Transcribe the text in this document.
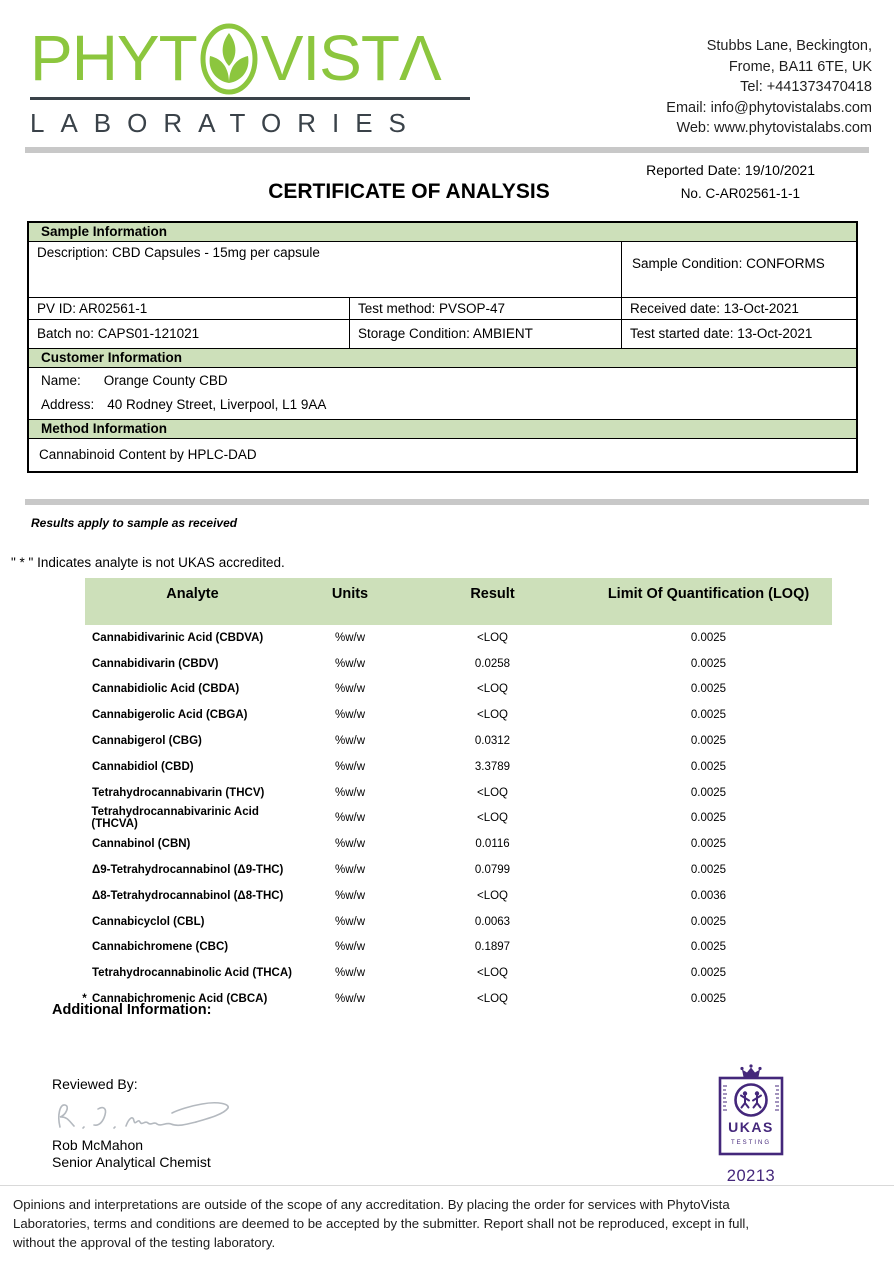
PHYT VIST Λ
LABORATORIES
Stubbs Lane, Beckington,
Frome, BA11 6TE, UK
Tel: +441373470418
Email: info@phytovistalabs.com
Web: www.phytovistalabs.com
Reported Date: 19/10/2021
CERTIFICATE OF ANALYSIS	No. C-AR02561-1-1
Sample Information
Description: CBD Capsules - 15mg per capsule
Sample Condition: CONFORMS
PV ID: AR02561-1	Test method: PVSOP-47	Received date: 13-Oct-2021
Batch no: CAPS01-121021	Storage Condition: AMBIENT	Test started date: 13-Oct-2021
Customer Information
Name: Orange County CBD
Address: 40 Rodney Street, Liverpool, L1 9AA
Method Information
Cannabinoid Content by HPLC-DAD
Results apply to sample as received
" * " Indicates analyte is not UKAS accredited.
Analyte	Units	Result	Limit Of Quantification (LOQ)
Cannabidivarinic Acid (CBDVA)	%w/w	<LOQ	0.0025
Cannabidivarin (CBDV)	%w/w	0.0258	0.0025
Cannabidiolic Acid (CBDA)	%w/w	<LOQ	0.0025
Cannabigerolic Acid (CBGA)	%w/w	<LOQ	0.0025
Cannabigerol (CBG)	%w/w	0.0312	0.0025
Cannabidiol (CBD)	%w/w	3.3789	0.0025
Tetrahydrocannabivarin (THCV)	%w/w	<LOQ	0.0025
Tetrahydrocannabivarinic Acid (THCVA)	%w/w	<LOQ	0.0025
Cannabinol (CBN)	%w/w	0.0116	0.0025
Δ9-Tetrahydrocannabinol (Δ9-THC)	%w/w	0.0799	0.0025
Δ8-Tetrahydrocannabinol (Δ8-THC)	%w/w	<LOQ	0.0036
Cannabicyclol (CBL)	%w/w	0.0063	0.0025
Cannabichromene (CBC)	%w/w	0.1897	0.0025
Tetrahydrocannabinolic Acid (THCA)	%w/w	<LOQ	0.0025
* Cannabichromenic Acid (CBCA)	%w/w	<LOQ	0.0025
Additional Information:
Reviewed By:
Rob McMahon
Senior Analytical Chemist
UKAS
TESTING
20213
Opinions and interpretations are outside of the scope of any accreditation. By placing the order for services with PhytoVista Laboratories, terms and conditions are deemed to be accepted by the submitter. Report shall not be reproduced, except in full, without the approval of the testing laboratory.
